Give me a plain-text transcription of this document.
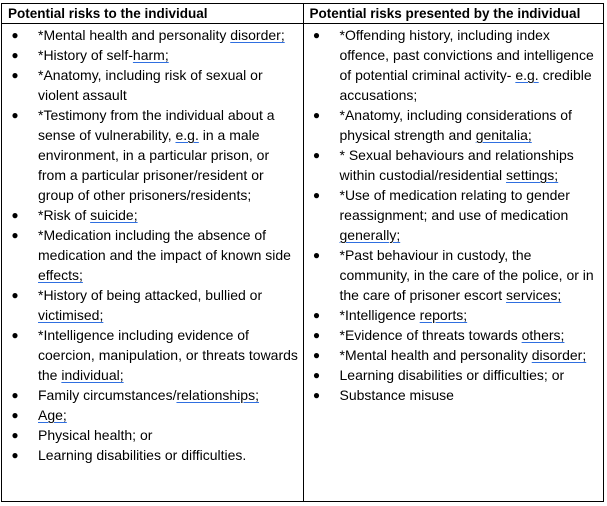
Potential risks to the individual
● *Mental health and personality disorder;
● *History of self-harm;
● *Anatomy, including risk of sexual or violent assault
● *Testimony from the individual about a sense of vulnerability, e.g. in a male environment, in a particular prison, or from a particular prisoner/resident or group of other prisoners/residents;
● *Risk of suicide;
● *Medication including the absence of medication and the impact of known side effects;
● *History of being attacked, bullied or victimised;
● *Intelligence including evidence of coercion, manipulation, or threats towards the individual;
● Family circumstances/relationships;
● Age;
● Physical health; or
● Learning disabilities or difficulties.
Potential risks presented by the individual
● *Offending history, including index offence, past convictions and intelligence of potential criminal activity- e.g. credible accusations;
● *Anatomy, including considerations of physical strength and genitalia;
● * Sexual behaviours and relationships within custodial/residential settings;
● *Use of medication relating to gender reassignment; and use of medication generally;
● *Past behaviour in custody, the community, in the care of the police, or in the care of prisoner escort services;
● *Intelligence reports;
● *Evidence of threats towards others;
● *Mental health and personality disorder;
● Learning disabilities or difficulties; or
● Substance misuse
